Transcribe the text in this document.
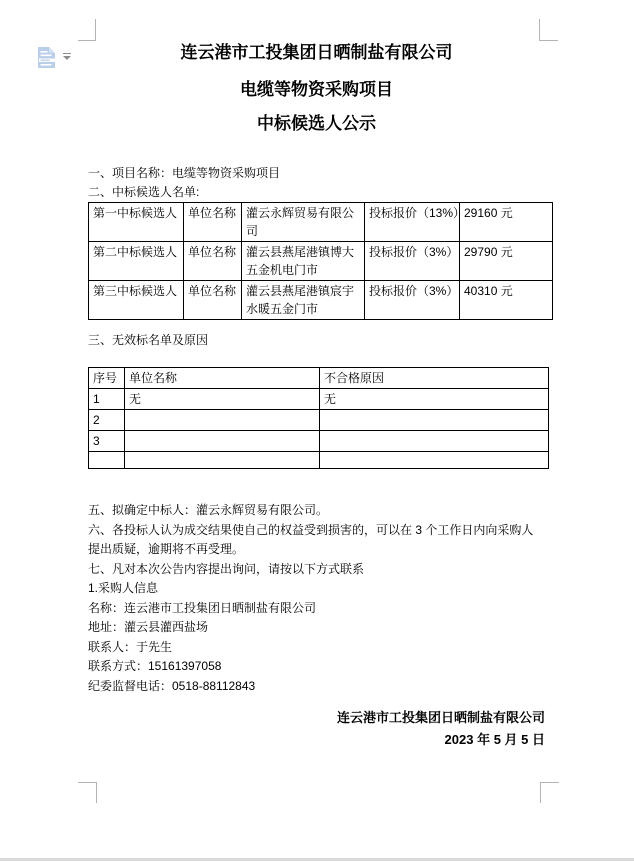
连云港市工投集团日晒制盐有限公司

电缆等物资采购项目

中标候选人公示

一、项目名称：电缆等物资采购项目

二、中标候选人名单:

第一中标候选人	单位名称	灌云永辉贸易有限公司	投标报价（13%）	29160 元
第二中标候选人	单位名称	灌云县燕尾港镇博大五金机电门市	投标报价（3%）	29790 元
第三中标候选人	单位名称	灌云县燕尾港镇宸宇水暖五金门市	投标报价（3%）	40310 元

三、无效标名单及原因

序号	单位名称	不合格原因
1	无	无
2		
3		

五、拟确定中标人：灌云永辉贸易有限公司。

六、各投标人认为成交结果使自己的权益受到损害的，可以在 3 个工作日内向采购人提出质疑，逾期将不再受理。

七、凡对本次公告内容提出询问，请按以下方式联系

1.采购人信息

名称：连云港市工投集团日晒制盐有限公司

地址：灌云县灌西盐场

联系人：于先生

联系方式：15161397058

纪委监督电话：0518-88112843

连云港市工投集团日晒制盐有限公司
2023 年 5 月 5 日
